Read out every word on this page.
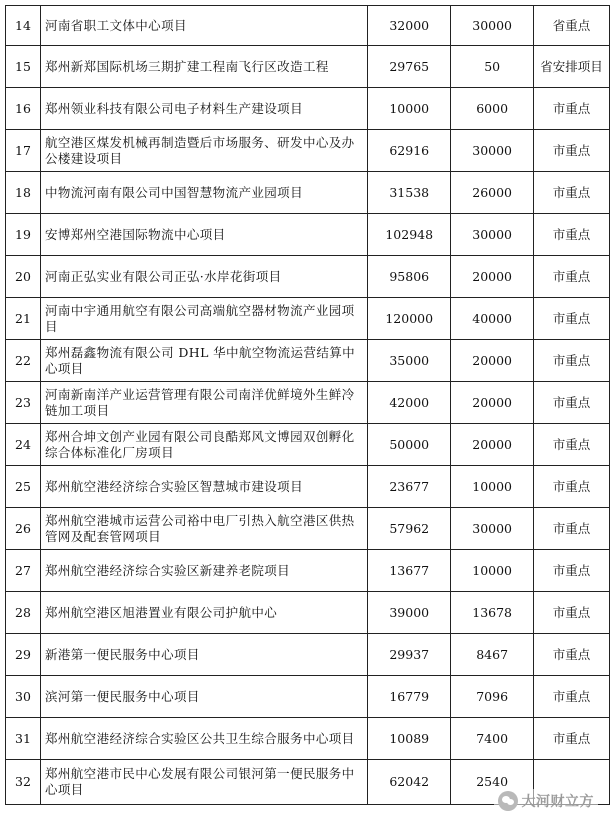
14	河南省职工文体中心项目	32000	30000	省重点
15	郑州新郑国际机场三期扩建工程南飞行区改造工程	29765	50	省安排项目
16	郑州领业科技有限公司电子材料生产建设项目	10000	6000	市重点
17	航空港区煤发机械再制造暨后市场服务、研发中心及办公楼建设项目	62916	30000	市重点
18	中物流河南有限公司中国智慧物流产业园项目	31538	26000	市重点
19	安博郑州空港国际物流中心项目	102948	30000	市重点
20	河南正弘实业有限公司正弘·水岸花街项目	95806	20000	市重点
21	河南中宇通用航空有限公司高端航空器材物流产业园项目	120000	40000	市重点
22	郑州磊鑫物流有限公司 DHL 华中航空物流运营结算中心项目	35000	20000	市重点
23	河南新南洋产业运营管理有限公司南洋优鲜境外生鲜冷链加工项目	42000	20000	市重点
24	郑州合坤文创产业园有限公司良酷郑风文博园双创孵化综合体标准化厂房项目	50000	20000	市重点
25	郑州航空港经济综合实验区智慧城市建设项目	23677	10000	市重点
26	郑州航空港城市运营公司裕中电厂引热入航空港区供热管网及配套管网项目	57962	30000	市重点
27	郑州航空港经济综合实验区新建养老院项目	13677	10000	市重点
28	郑州航空港区旭港置业有限公司护航中心	39000	13678	市重点
29	新港第一便民服务中心项目	29937	8467	市重点
30	滨河第一便民服务中心项目	16779	7096	市重点
31	郑州航空港经济综合实验区公共卫生综合服务中心项目	10089	7400	市重点
32	郑州航空港市民中心发展有限公司银河第一便民服务中心项目	62042	2540	
大河财立方
